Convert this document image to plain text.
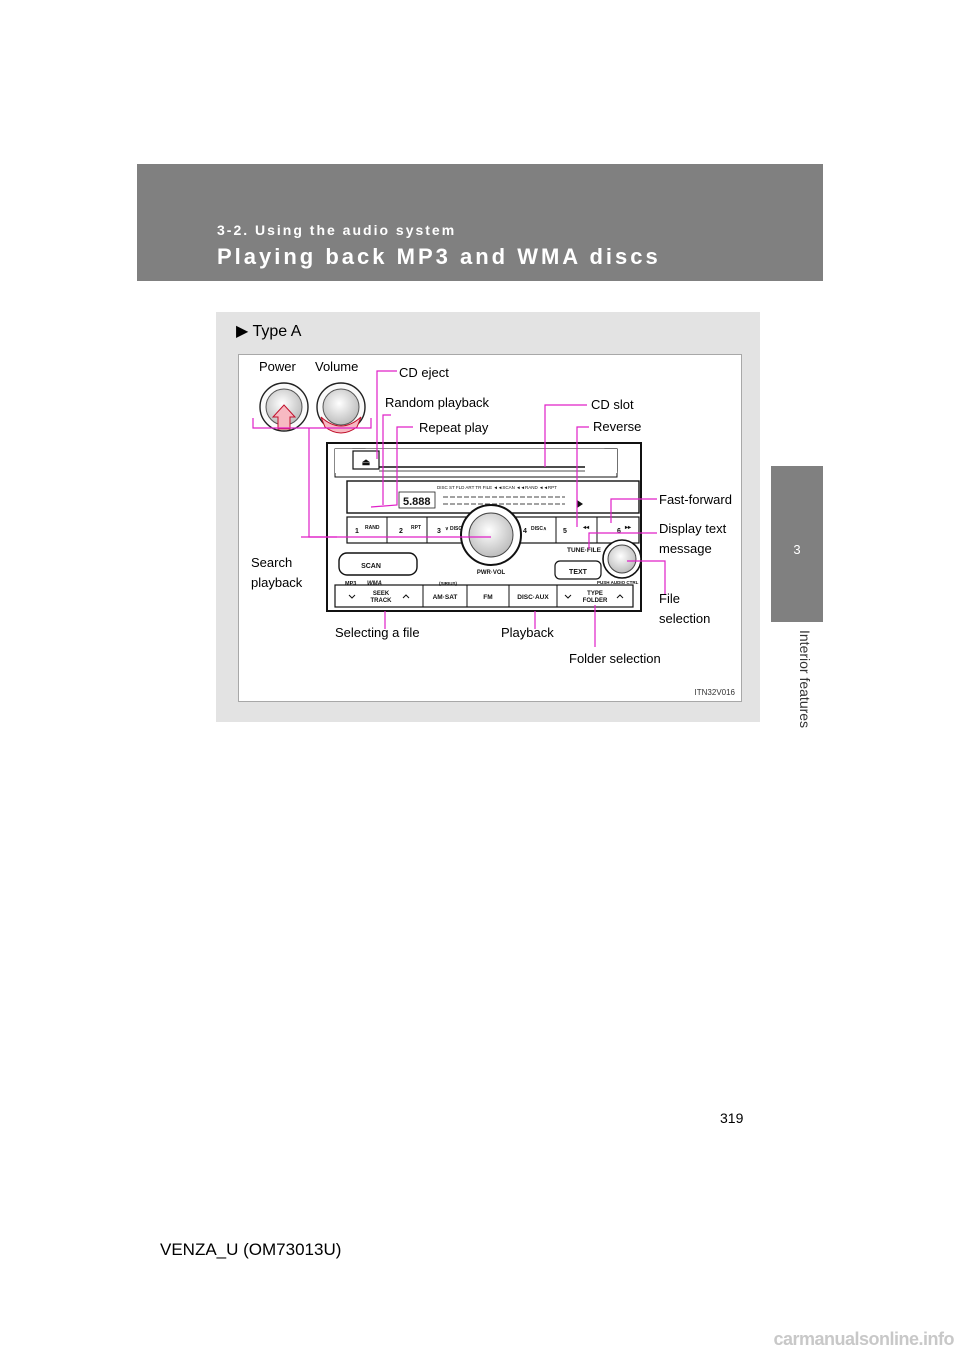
3-2. Using the audio system
Playing back MP3 and WMA discs
3
Interior features
▶ Type A
⏏
5.888
DISC ST FLD ART TR FILE ◄◄SCAN ◄◄RAND ◄◄RPT
1 RAND	2 RPT 3 ∨ DISC	4 DISC∧ 5	◂◂	6 ▸▸
PWR·VOL
TUNE·FILE
SCAN
TEXT
MP3 WMA	(SIRIUS)	PUSH AUDIO CTRL
SEEK
TRACK	AM·SAT	FM	DISC·AUX	TYPE
FOLDER
Power Volume	CD eject
Random playback
Repeat play
CD slot
Reverse
Fast-forward
Display text
message
Search
playback
File
selection
Selecting a file	Playback
Folder selection
ITN32V016
319
VENZA_U (OM73013U)
carmanualsonline.info
